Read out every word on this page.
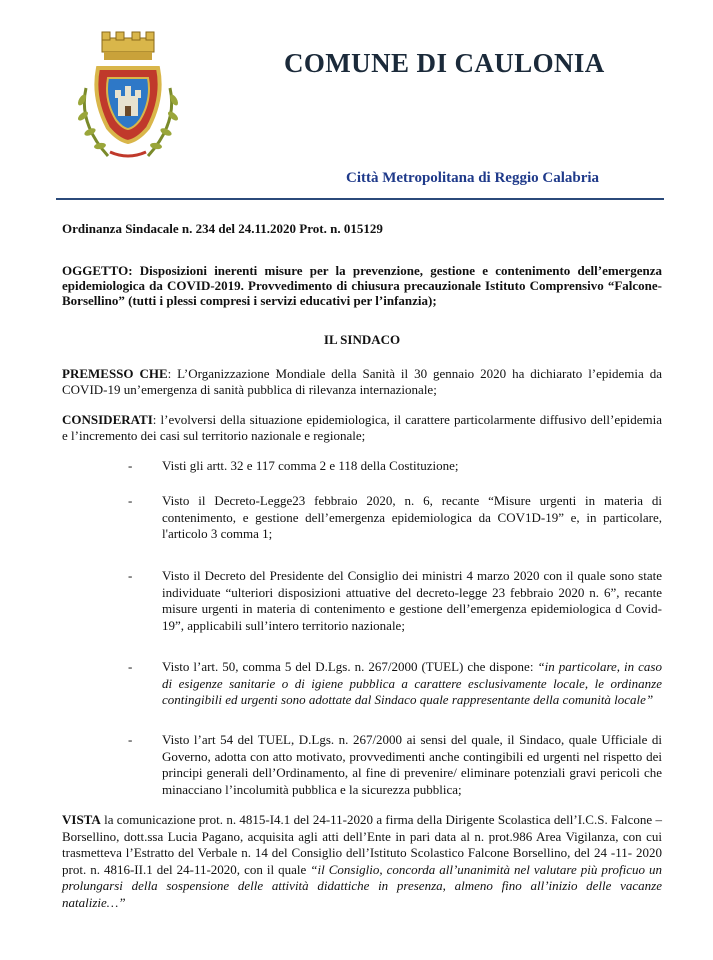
COMUNE DI CAULONIA
Città Metropolitana di Reggio Calabria
Ordinanza Sindacale n. 234 del 24.11.2020 Prot. n. 015129
OGGETTO: Disposizioni inerenti misure per la prevenzione, gestione e contenimento dell’emergenza epidemiologica da COVID-2019. Provvedimento di chiusura precauzionale Istituto Comprensivo “Falcone-Borsellino” (tutti i plessi compresi i servizi educativi per l’infanzia);
IL SINDACO
PREMESSO CHE: L’Organizzazione Mondiale della Sanità il 30 gennaio 2020 ha dichiarato l’epidemia da COVID-19 un’emergenza di sanità pubblica di rilevanza internazionale;
CONSIDERATI: l’evolversi della situazione epidemiologica, il carattere particolarmente diffusivo dell’epidemia e l’incremento dei casi sul territorio nazionale e regionale;
- Visti gli artt. 32 e 117 comma 2 e 118 della Costituzione;
- Visto il Decreto-Legge23 febbraio 2020, n. 6, recante “Misure urgenti in materia di contenimento, e gestione dell’emergenza epidemiologica da COV1D-19” e, in particolare, l'articolo 3 comma 1;
- Visto il Decreto del Presidente del Consiglio dei ministri 4 marzo 2020 con il quale sono state individuate “ulteriori disposizioni attuative del decreto-legge 23 febbraio 2020 n. 6”, recante misure urgenti in materia di contenimento e gestione dell’emergenza epidemiologica d Covid-19”, applicabili sull’intero territorio nazionale;
- Visto l’art. 50, comma 5 del D.Lgs. n. 267/2000 (TUEL) che dispone: “in particolare, in caso di esigenze sanitarie o di igiene pubblica a carattere esclusivamente locale, le ordinanze contingibili ed urgenti sono adottate dal Sindaco quale rappresentante della comunità locale”
- Visto l’art 54 del TUEL, D.Lgs. n. 267/2000 ai sensi del quale, il Sindaco, quale Ufficiale di Governo, adotta con atto motivato, provvedimenti anche contingibili ed urgenti nel rispetto dei principi generali dell’Ordinamento, al fine di prevenire/ eliminare potenziali gravi pericoli che minacciano l’incolumità pubblica e la sicurezza pubblica;
VISTA la comunicazione prot. n. 4815-I4.1 del 24-11-2020 a firma della Dirigente Scolastica dell’I.C.S. Falcone –Borsellino, dott.ssa Lucia Pagano, acquisita agli atti dell’Ente in pari data al n. prot.986 Area Vigilanza, con cui trasmetteva l’Estratto del Verbale n. 14 del Consiglio dell’Istituto Scolastico Falcone Borsellino, del 24 -11- 2020 prot. n. 4816-II.1 del 24-11-2020, con il quale “il Consiglio, concorda all’unanimità nel valutare più proficuo un prolungarsi della sospensione delle attività didattiche in presenza, almeno fino all’inizio delle vacanze natalizie…”
